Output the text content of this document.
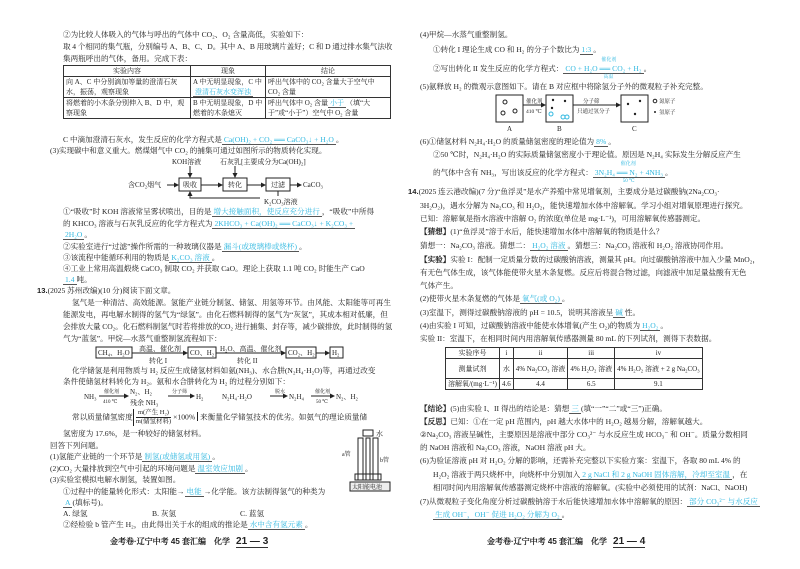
②为比较人体吸入的气体与呼出的气体中 CO₂、O₂ 含量高低，实验如下：
取 4 个相同的集气瓶，分别编号 A、B、C、D。其中 A、B 用玻璃片盖好；C 和 D 通过排水集气法收
集两瓶呼出的气体，备用。完成下表：
实验内容	现象	结论
向 A、C 中分别滴加等量的澄清石灰水，振荡，观察现象	A 中无明显现象，C 中
澄清石灰水变浑浊	呼出气体中的 CO₂ 含量大于空气中 CO₂ 含量
将燃着的小木条分别伸入 B、D 中，观察现象	B 中无明显现象，D 中燃着的木条熄灭	呼出气体中 O₂ 含量 小于 （填“大于”或“小于”）空气中 O₂ 含量
C 中滴加澄清石灰水，发生反应的化学方程式是 Ca(OH)₂ + CO₂ ══ CaCO₃↓ + H₂O 。
(3)实现碳中和意义重大。燃煤烟气中 CO₂ 的捕集可通过如图所示的物质转化实现。
KOH溶液	石灰乳[主要成分为Ca(OH)₂]
含CO₂烟气	吸收	转化	过滤	CaCO₃
K₂CO₃溶液
①“吸收”时 KOH 溶液常呈雾状喷出，目的是 增大接触面积，使反应充分进行 ，“吸收”中所得
的 KHCO₃ 溶液与石灰乳反应的化学方程式为 2KHCO₃ + Ca(OH)₂ ══ CaCO₃↓ + K₂CO₃ +
2H₂O 。
②实验室进行“过滤”操作所需的一种玻璃仪器是 漏斗(或玻璃棒或烧杯) 。
③该流程中能循环利用的物质是 K₂CO₃ 溶液 。
④工业上常用高温煅烧 CaCO₃ 制取 CO₂ 并获取 CaO。理论上获取 1.1 吨 CO₂ 时能生产 CaO
1.4 吨。
13.(2025 苏州改编)(10 分)阅读下面文章。
氢气是一种清洁、高效能源。氢能产业链分制氢、储氢、用氢等环节。由风能、太阳能等可再生
能源发电，再电解水制得的氢气为“绿氢”。由化石燃料制得的氢气为“灰氢”，其成本相对低廉，但
会排放大量 CO₂。化石燃料制氢气时若将排放的CO₂ 进行捕集、封存等，减少碳排放，此时制得的氢
气为“蓝氢”。甲烷—水蒸气重整制氢流程如下：
CH₄、H₂O 高温、催化剂
转化 I
CO、H₂ H₂O、高温、催化剂
转化 II
CO₂、H₂ H₂
化学储氢是利用物质与 H₂ 反应生成储氢材料如氨(NH₃)、水合肼(N₂H₄·H₂O)等，再通过改变
条件使储氢材料转化为 H₂。氨和水合肼转化为 H₂ 的过程分别如下：
NH₃
催化剂
410 ℃
N₂、H₂
残余 NH₃
分子筛
H₂	N₂H₄·H₂O
脱水
N₂H₄
催化剂
50 ℃
N₂、H₂
常以质量储氢密度 m(产生 H₂)
m(储氢材料)
×100% 来衡量化学储氢技术的优劣。如氨气的理论质量储
氢密度为 17.6%，是一种较好的储氢材料。
回答下列问题。
(1)氢能产业链的一个环节是 制氢(或储氢或用氢) 。
(2)CO₂ 大量排放到空气中引起的环境问题是 温室效应加剧 。
(3)实验室模拟电解水制氢，装置如图。
①过程中的能量转化形式：太阳能→ 电能 →化学能。该方法制得氢气的种类为
A (填标号)。
A. 绿氢	B. 灰氢	C. 蓝氢
②经检验 b 管产生 H₂，由此得出关于水的组成的推论是 水中含有氢元素 。
水
a管
b管
太阳能电池
金考卷·辽宁中考 45 套汇编　化学 21 — 3
(4)甲烷—水蒸气重整制氢。
①转化 I 理论生成 CO 和 H₂ 的分子个数比为 1:3 。
②写出转化 II 发生反应的化学方程式： CO + H₂O ══ CO₂ + H₂
催化剂
高温
。
(5)氨释放 H₂ 的微观示意图如下。请在 B 对应框中将除氢分子外的微观粒子补充完整。
催化剂
410 ℃
分子筛
只通过氢分子
氮原子
氢原子
A	B	C
(6)①储氢材料 N₂H₄·H₂O 的质量储氢密度的理论值为 8% 。
②50 ℃时，N₂H₄·H₂O 的实际质量储氢密度小于理论值。原因是 N₂H₄ 实际发生分解反应产生
的气体中含有 NH₃，写出该反应的化学方程式： 3N₂H₄ ══ N₂ + 4NH₃
催化剂
50 ℃
。
14.(2025 连云港改编)(7 分)“鱼浮灵”是水产养殖中常见增氧剂，主要成分是过碳酸钠(2Na₂CO₃·
3H₂O₂)，遇水分解为 Na₂CO₃ 和 H₂O₂，能快速增加水体中溶解氧。学习小组对增氧原理进行探究。
已知：溶解氧是指水溶液中溶解 O₂ 的浓度(单位是 mg·L⁻¹)，可用溶解氧传感器测定。
【猜想】(1)“鱼浮灵”溶于水后，能快速增加水体中溶解氧的物质是什么？
猜想一：Na₂CO₃ 溶液。猜想二： H₂O₂ 溶液 。猜想三：Na₂CO₃ 溶液和 H₂O₂ 溶液协同作用。
【实验】实验 I：配制一定质量分数的过碳酸钠溶液，测量其 pH。向过碳酸钠溶液中加入少量 MnO₂，
有无色气体生成，该气体能使带火星木条复燃。反应后将混合物过滤，向滤液中加足量盐酸有无色
气体产生。
(2)使带火星木条复燃的气体是 氧气(或 O₂) 。
(3)室温下，测得过碳酸钠溶液的 pH = 10.5，说明其溶液呈 碱 性。
(4)由实验 I 可知，过碳酸钠溶液中能使水体增氧(产生 O₂)的物质为 H₂O₂ 。
实验 II：室温下，在相同时间内用溶解氧传感器测量 80 mL 的下列试剂，测得下表数据。
实验序号	i	ii	iii	iv
测量试剂	水	4% Na₂CO₃ 溶液	4% H₂O₂ 溶液	4% H₂O₂ 溶液 + 2 g Na₂CO₃
溶解氧/(mg·L⁻¹)	4.6	4.4	6.5	9.1
【结论】(5)由实验 I、II 得出的结论是：猜想 三 (填“一”“二”或“三”)正确。
【反思】已知：①在一定 pH 范围内，pH 越大水体中的 H₂O₂ 越易分解，溶解氧越大。
②Na₂CO₃ 溶液呈碱性，主要原因是溶液中部分 CO₃²⁻ 与水反应生成 HCO₃⁻ 和 OH⁻。质量分数相同
的 NaOH 溶液和 Na₂CO₃ 溶液，NaOH 溶液 pH 大。
(6)为验证溶液 pH 对 H₂O₂ 分解的影响，还需补充完整以下实验方案：室温下，各取 80 mL 4% 的
H₂O₂ 溶液于两只烧杯中，向烧杯中分别加入 2 g NaCl 和 2 g NaOH 固体溶解，冷却至室温 ，在
相同时间内用溶解氧传感器测定烧杯中溶液的溶解氧。(实验中必须使用的试剂：NaCl、NaOH)
(7)从微观粒子变化角度分析过碳酸钠溶于水后能快速增加水体中溶解氧的原因： 部分 CO₃²⁻ 与水反应
生成 OH⁻，OH⁻ 促进 H₂O₂ 分解为 O₂ 。
金考卷·辽宁中考 45 套汇编　化学 21 — 4
